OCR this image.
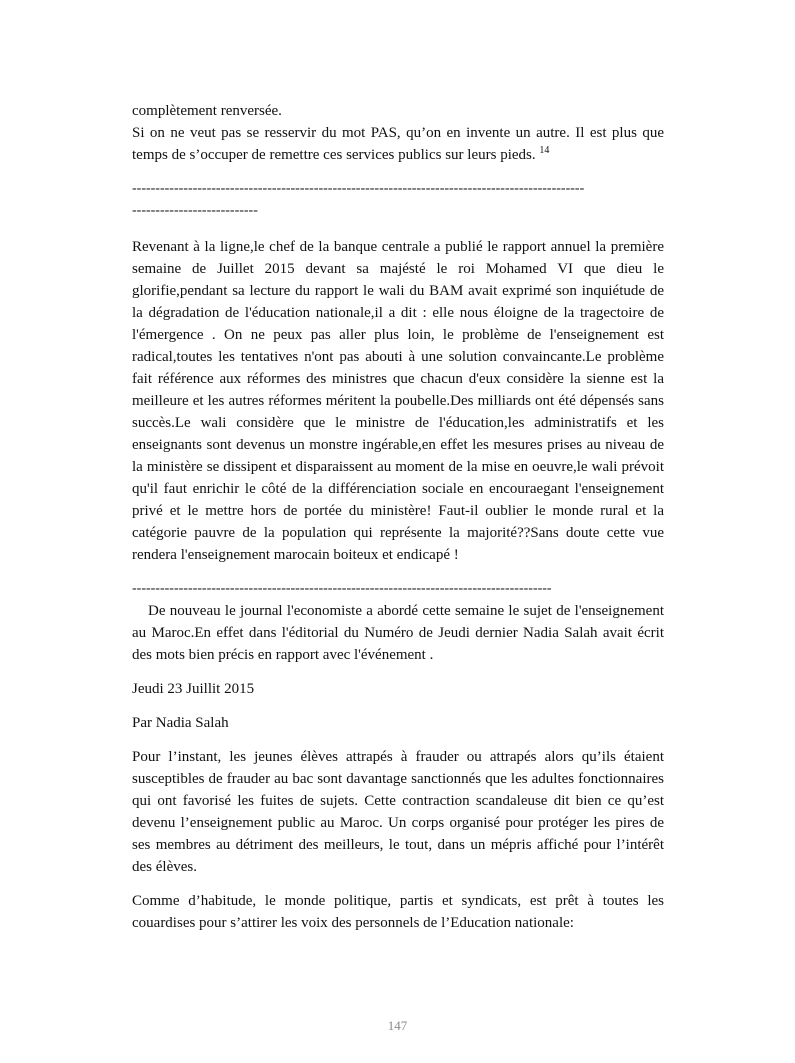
complètement renversée.

Si on ne veut pas se resservir du mot PAS, qu’on en invente un autre. Il est plus que temps de s’occuper de remettre ces services publics sur leurs pieds. $^{14}$

-------------------------------------------------------------------------------------------------

---------------------------

Revenant à la ligne,le chef de la banque centrale a publié le rapport annuel la première semaine de Juillet 2015 devant sa majésté le roi Mohamed VI que dieu le glorifie,pendant sa lecture du rapport le wali du BAM avait exprimé son inquiétude de la dégradation de l'éducation nationale,il a dit : elle nous éloigne de la tragectoire de l'émergence . On ne peux pas aller plus loin, le problème de l'enseignement est radical,toutes les tentatives n'ont pas abouti à une solution convaincante.Le problème fait référence aux réformes des ministres que chacun d'eux considère la sienne est la meilleure et les autres réformes méritent la poubelle.Des milliards ont été dépensés sans succès.Le wali considère que le ministre de l'éducation,les administratifs et les enseignants sont devenus un monstre ingérable,en effet les mesures prises au niveau de la ministère se dissipent et disparaissent au moment de la mise en oeuvre,le wali prévoit qu'il faut enrichir le côté de la différenciation sociale en encouraegant l'enseignement privé et le mettre hors de portée du ministère! Faut-il oublier le monde rural et la catégorie pauvre de la population qui représente la majorité??Sans doute cette vue rendera l'enseignement marocain boiteux et endicapé !

------------------------------------------------------------------------------------------

De nouveau le journal l'economiste a abordé cette semaine le sujet de l'enseignement au Maroc.En effet dans l'éditorial du Numéro de Jeudi dernier Nadia Salah avait écrit des mots bien précis en rapport avec l'événement .

Jeudi 23 Juillit 2015

Par Nadia Salah

Pour l’instant, les jeunes élèves attrapés à frauder ou attrapés alors qu’ils étaient susceptibles de frauder au bac sont davantage sanctionnés que les adultes fonctionnaires qui ont favorisé les fuites de sujets. Cette contraction scandaleuse dit bien ce qu’est devenu l’enseignement public au Maroc. Un corps organisé pour protéger les pires de ses membres au détriment des meilleurs, le tout, dans un mépris affiché pour l’intérêt des élèves.

Comme d’habitude, le monde politique, partis et syndicats, est prêt à toutes les couardises pour s’attirer les voix des personnels de l’Education nationale:

147
